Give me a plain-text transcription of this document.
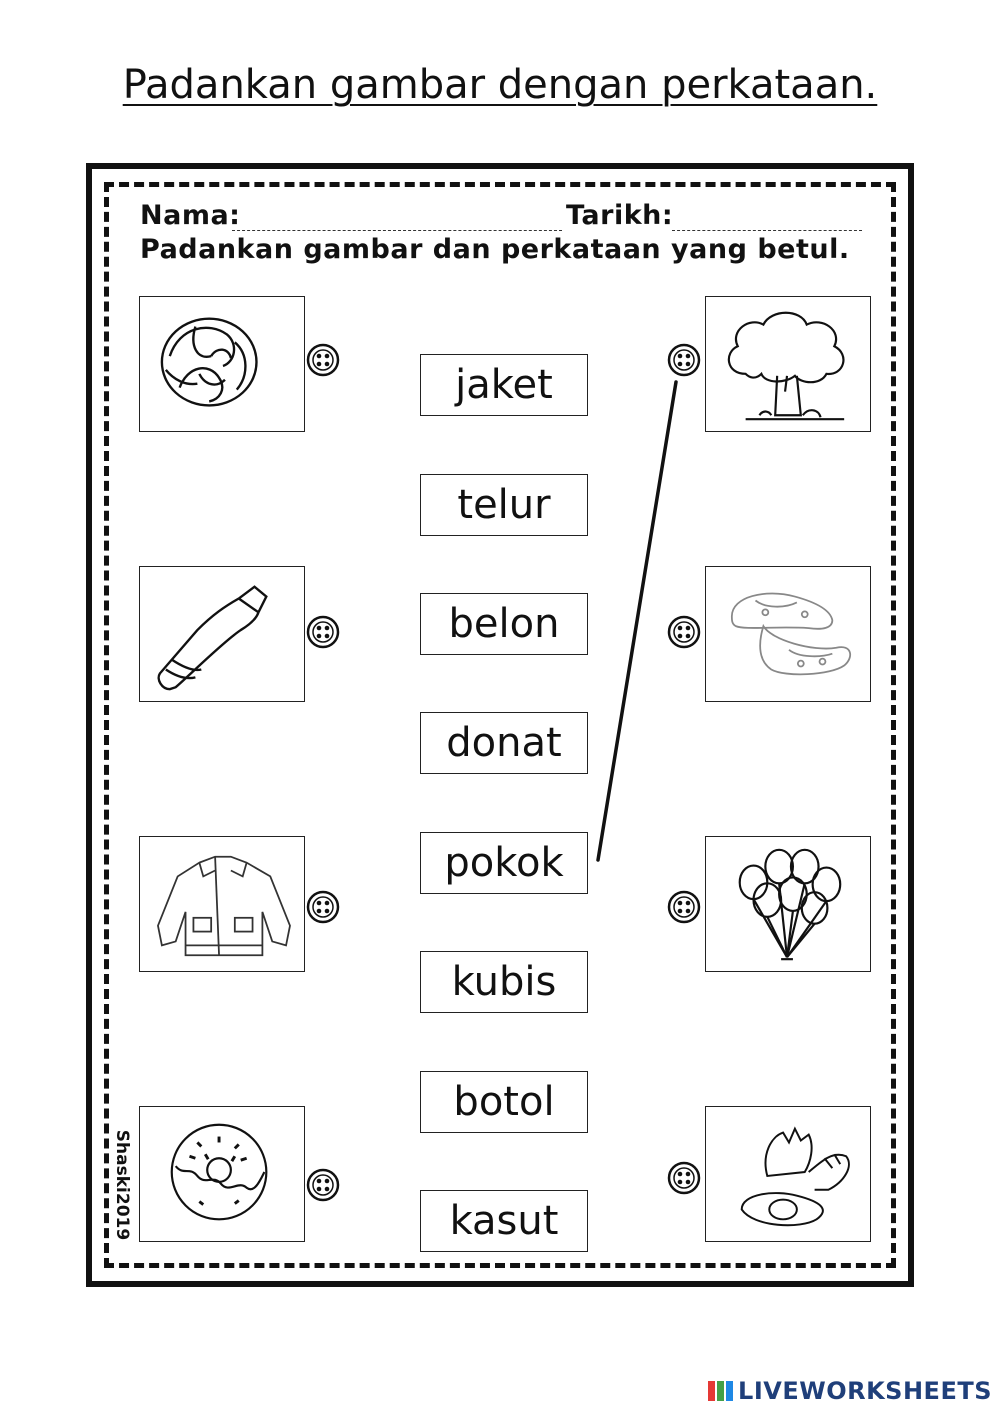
Padankan gambar dengan perkataan.
Nama:	Tarikh:
Padankan gambar dan perkataan yang betul.
jaket
telur
belon
donat
pokok
kubis
botol
kasut
Shaski2019
LIVEWORKSHEETS
